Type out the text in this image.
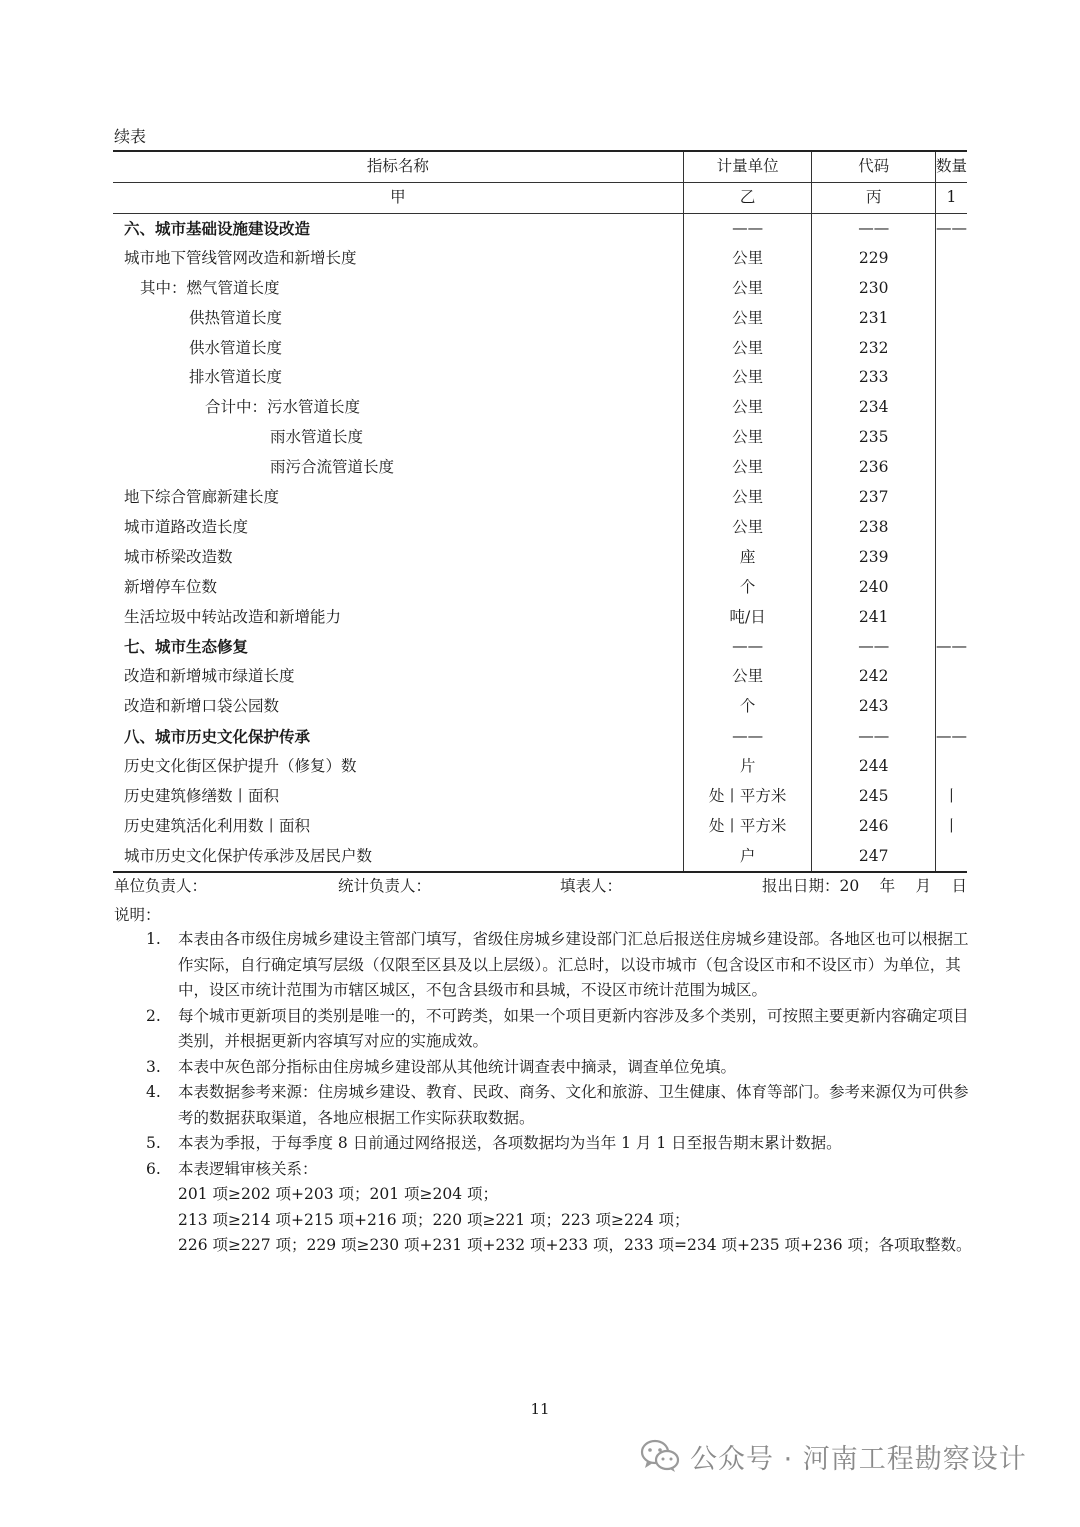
续表
指标名称	计量单位	代码	数量
甲	乙	丙	1
六、城市基础设施建设改造	——	——	——
城市地下管线管网改造和新增长度	公里	229	
其中：燃气管道长度	公里	230	
供热管道长度	公里	231	
供水管道长度	公里	232	
排水管道长度	公里	233	
合计中：污水管道长度	公里	234	
雨水管道长度	公里	235	
雨污合流管道长度	公里	236	
地下综合管廊新建长度	公里	237	
城市道路改造长度	公里	238	
城市桥梁改造数	座	239	
新增停车位数	个	240	
生活垃圾中转站改造和新增能力	吨/日	241	
七、城市生态修复	——	——	——
改造和新增城市绿道长度	公里	242	
改造和新增口袋公园数	个	243	
八、城市历史文化保护传承	——	——	——
历史文化街区保护提升（修复）数	片	244	
历史建筑修缮数丨面积	处丨平方米	245	丨
历史建筑活化利用数丨面积	处丨平方米	246	丨
城市历史文化保护传承涉及居民户数	户	247	
单位负责人：	统计负责人：	填表人：	报出日期：20　 年　 月　 日
说明：
1. 本表由各市级住房城乡建设主管部门填写，省级住房城乡建设部门汇总后报送住房城乡建设部。各地区也可以根据工作实际，自行确定填写层级（仅限至区县及以上层级）。汇总时，以设市城市（包含设区市和不设区市）为单位，其中，设区市统计范围为市辖区城区，不包含县级市和县城，不设区市统计范围为城区。
2. 每个城市更新项目的类别是唯一的，不可跨类，如果一个项目更新内容涉及多个类别，可按照主要更新内容确定项目类别，并根据更新内容填写对应的实施成效。
3. 本表中灰色部分指标由住房城乡建设部从其他统计调查表中摘录，调查单位免填。
4. 本表数据参考来源：住房城乡建设、教育、民政、商务、文化和旅游、卫生健康、体育等部门。参考来源仅为可供参考的数据获取渠道，各地应根据工作实际获取数据。
5. 本表为季报，于每季度 8 日前通过网络报送，各项数据均为当年 1 月 1 日至报告期末累计数据。
6. 本表逻辑审核关系：
201 项≥202 项+203 项；201 项≥204 项；
213 项≥214 项+215 项+216 项；220 项≥221 项；223 项≥224 项；
226 项≥227 项；229 项≥230 项+231 项+232 项+233 项，233 项=234 项+235 项+236 项；各项取整数。
11
公众号 · 河南工程勘察设计
